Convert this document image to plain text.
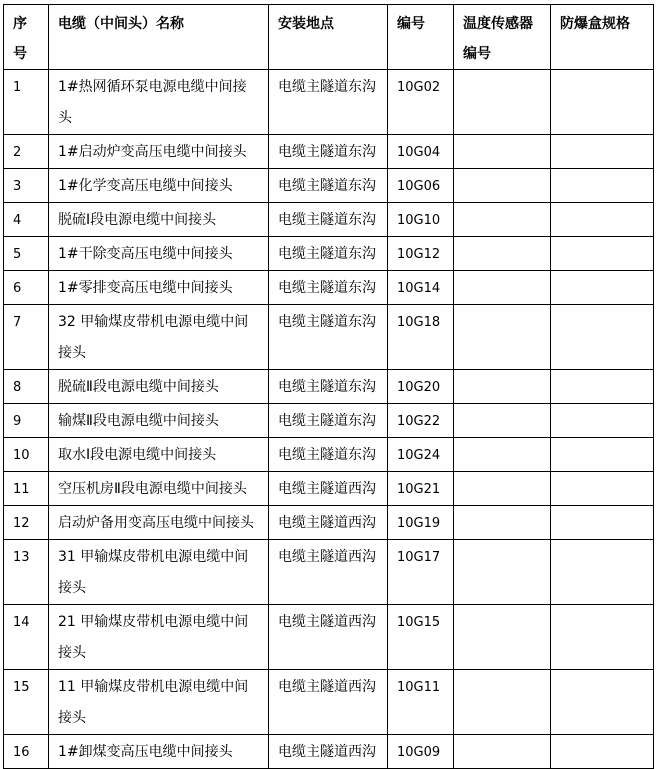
序号	电缆（中间头）名称	安装地点	编号	温度传感器编号	防爆盒规格
1	1#热网循环泵电源电缆中间接头	电缆主隧道东沟	10G02		
2	1#启动炉变高压电缆中间接头	电缆主隧道东沟	10G04		
3	1#化学变高压电缆中间接头	电缆主隧道东沟	10G06		
4	脱硫Ⅰ段电源电缆中间接头	电缆主隧道东沟	10G10		
5	1#干除变高压电缆中间接头	电缆主隧道东沟	10G12		
6	1#零排变高压电缆中间接头	电缆主隧道东沟	10G14		
7	32 甲输煤皮带机电源电缆中间接头	电缆主隧道东沟	10G18		
8	脱硫Ⅱ段电源电缆中间接头	电缆主隧道东沟	10G20		
9	输煤Ⅱ段电源电缆中间接头	电缆主隧道东沟	10G22		
10	取水Ⅰ段电源电缆中间接头	电缆主隧道东沟	10G24		
11	空压机房Ⅱ段电源电缆中间接头	电缆主隧道西沟	10G21		
12	启动炉备用变高压电缆中间接头	电缆主隧道西沟	10G19		
13	31 甲输煤皮带机电源电缆中间接头	电缆主隧道西沟	10G17		
14	21 甲输煤皮带机电源电缆中间接头	电缆主隧道西沟	10G15		
15	11 甲输煤皮带机电源电缆中间接头	电缆主隧道西沟	10G11		
16	1#卸煤变高压电缆中间接头	电缆主隧道西沟	10G09		
